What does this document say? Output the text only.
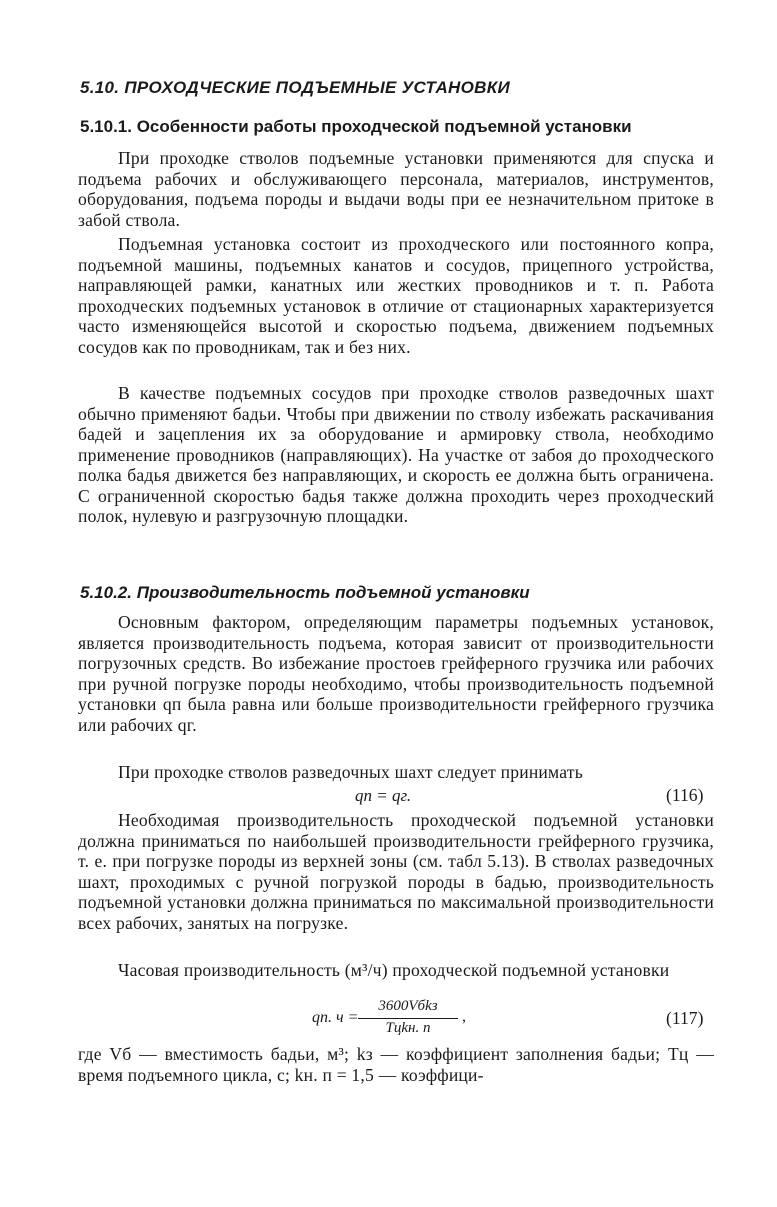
5.10. ПРОХОДЧЕСКИЕ ПОДЪЕМНЫЕ УСТАНОВКИ
5.10.1. Особенности работы проходческой подъемной установки

При проходке стволов подъемные установки применяются для спуска и подъема рабочих и обслуживающего персонала, материалов, инструментов, оборудования, подъема породы и выдачи воды при ее незначительном притоке в забой ствола.

Подъемная установка состоит из проходческого или постоянного копра, подъемной машины, подъемных канатов и сосудов, прицепного устройства, направляющей рамки, канатных или жестких проводников и т. п. Работа проходческих подъемных установок в отличие от стационарных характеризуется часто изменяющейся высотой и скоростью подъема, движением подъемных сосудов как по проводникам, так и без них.

В качестве подъемных сосудов при проходке стволов разведочных шахт обычно применяют бадьи. Чтобы при движении по стволу избежать раскачивания бадей и зацепления их за оборудование и армировку ствола, необходимо применение проводников (направляющих). На участке от забоя до проходческого полка бадья движется без направляющих, и скорость ее должна быть ограничена. С ограниченной скоростью бадья также должна проходить через проходческий полок, нулевую и разгрузочную площадки.

5.10.2. Производительность подъемной установки

Основным фактором, определяющим параметры подъемных установок, является производительность подъема, которая зависит от производительности погрузочных средств. Во избежание простоев грейферного грузчика или рабочих при ручной погрузке породы необходимо, чтобы производительность подъемной установки qп была равна или больше производительности грейферного грузчика или рабочих qг.

При проходке стволов разведочных шахт следует принимать

qп = qг.	(116)

Необходимая производительность проходческой подъемной установки должна приниматься по наибольшей производительности грейферного грузчика, т. е. при погрузке породы из верхней зоны (см. табл 5.13). В стволах разведочных шахт, проходимых с ручной погрузкой породы в бадью, производительность подъемной установки должна приниматься по максимальной производительности всех рабочих, занятых на погрузке.

Часовая производительность (м³/ч) проходческой подъемной установки

qп. ч =
3600Vбkз
Tцkн. п
,	(117)

где Vб — вместимость бадьи, м³; kз — коэффициент заполнения бадьи; Tц — время подъемного цикла, с; kн. п = 1,5 — коэффици-
